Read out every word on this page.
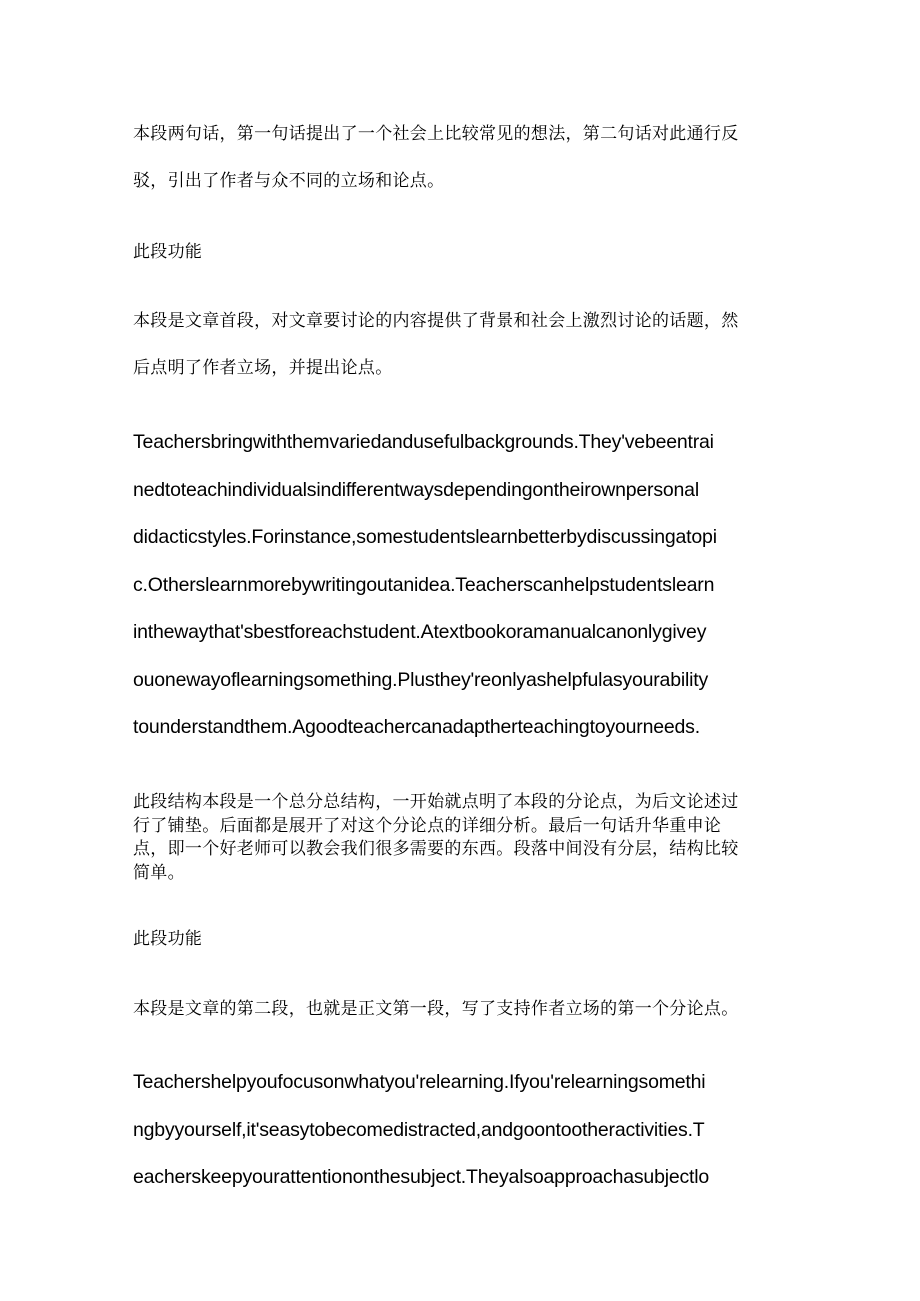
本段两句话，第一句话提出了一个社会上比较常见的想法，第二句话对此通行反
驳，引出了作者与众不同的立场和论点。

此段功能

本段是文章首段，对文章要讨论的内容提供了背景和社会上激烈讨论的话题，然
后点明了作者立场，并提出论点。

Teachersbringwiththemvariedandusefulbackgrounds.They'vebeentrai
nedtoteachindividualsindifferentwaysdependingontheirownpersonal
didacticstyles.Forinstance,somestudentslearnbetterbydiscussingatopi
c.Otherslearnmorebywritingoutanidea.Teacherscanhelpstudentslearn
inthewaythat'sbestforeachstudent.Atextbookoramanualcanonlygivey
ouonewayoflearningsomething.Plusthey'reonlyashelpfulasyourability
tounderstandthem.Agoodteachercanadaptherteachingtoyourneeds.

此段结构本段是一个总分总结构，一开始就点明了本段的分论点，为后文论述过
行了铺垫。后面都是展开了对这个分论点的详细分析。最后一句话升华重申论
点，即一个好老师可以教会我们很多需要的东西。段落中间没有分层，结构比较
简单。

此段功能

本段是文章的第二段，也就是正文第一段，写了支持作者立场的第一个分论点。

Teachershelpyoufocusonwhatyou'relearning.Ifyou'relearningsomethi
ngbyyourself,it'seasytobecomedistracted,andgoontootheractivities.T
eacherskeepyourattentiononthesubject.Theyalsoapproachasubjectlo
